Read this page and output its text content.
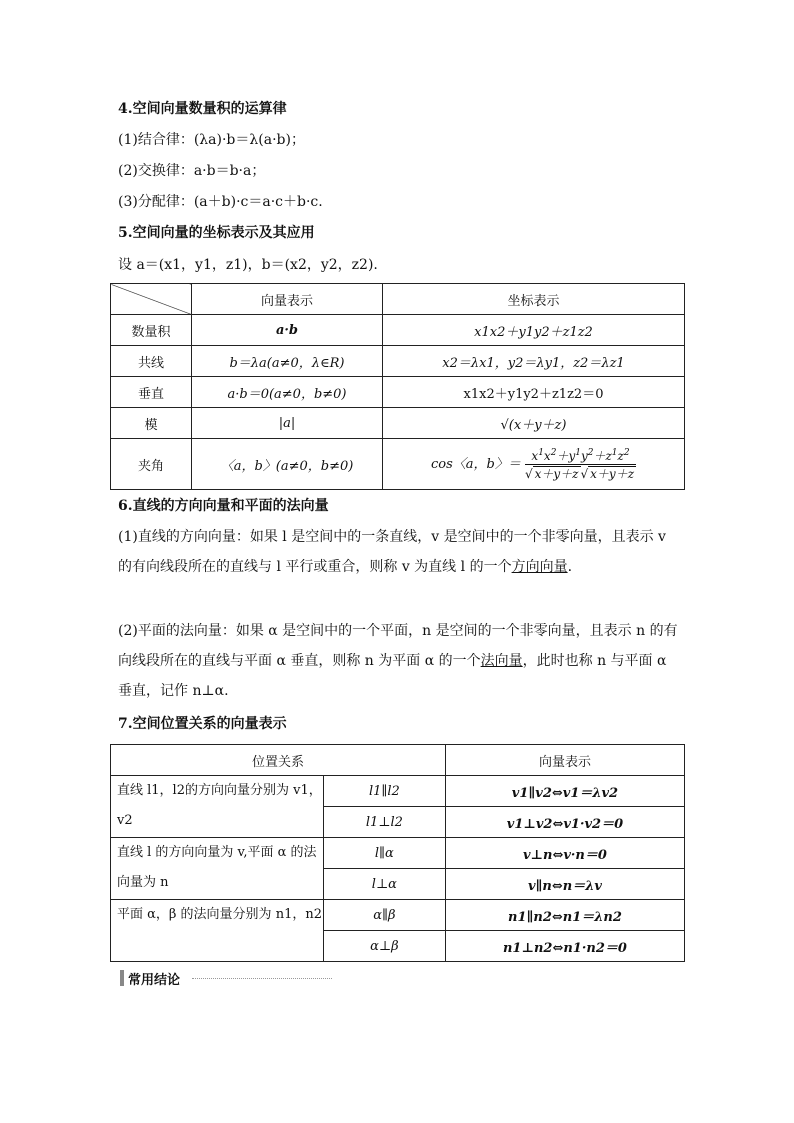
4.空间向量数量积的运算律
(1)结合律：(λa)·b＝λ(a·b)；
(2)交换律：a·b＝b·a；
(3)分配律：(a＋b)·c＝a·c＋b·c.
5.空间向量的坐标表示及其应用
设 a＝(x1，y1，z1)，b＝(x2，y2，z2).
	向量表示	坐标表示
数量积	a·b	x1x2＋y1y2＋z1z2
共线	b＝λa(a≠0，λ∈R)	x2＝λx1，y2＝λy1，z2＝λz1
垂直	a·b＝0(a≠0，b≠0)	x1x2＋y1y2＋z1z2＝0
模	|a|	√(x＋y＋z)
夹角	〈a，b〉(a≠0，b≠0)	cos〈a，b〉＝ $\frac{x^1x^2+y^1y^2+z^1z^2}{√ x+y+z √ x+y+z}$
6.直线的方向向量和平面的法向量
(1)直线的方向向量：如果 l 是空间中的一条直线，v 是空间中的一个非零向量，且表示 v 的有向线段所在的直线与 l 平行或重合，则称 v 为直线 l 的一个方向向量.
(2)平面的法向量：如果 α 是空间中的一个平面，n 是空间的一个非零向量，且表示 n 的有向线段所在的直线与平面 α 垂直，则称 n 为平面 α 的一个法向量，此时也称 n 与平面 α 垂直，记作 n⊥α.
7.空间位置关系的向量表示
位置关系		向量表示
直线 l1，l2的方向向量分别为 v1，v2	l1∥l2	v1∥v2⇔v1＝λv2
	l1⊥l2	v1⊥v2⇔v1·v2＝0
直线 l 的方向向量为 v,平面 α 的法向量为 n	l∥α	v⊥n⇔v·n＝0
	l⊥α	v∥n⇔n＝λv
平面 α，β 的法向量分别为 n1，n2	α∥β	n1∥n2⇔n1＝λn2
	α⊥β	n1⊥n2⇔n1·n2＝0
常用结论
